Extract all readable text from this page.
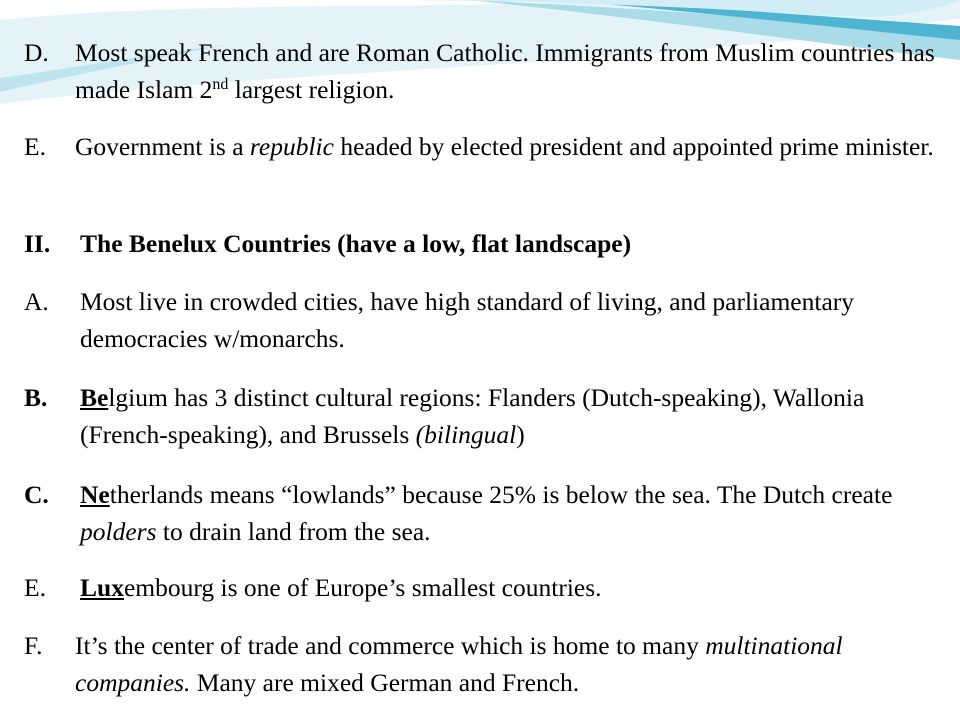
D. Most speak French and are Roman Catholic. Immigrants from Muslim countries has made Islam 2nd largest religion.
E. Government is a republic headed by elected president and appointed prime minister.
II. The Benelux Countries (have a low, flat landscape)
A. Most live in crowded cities, have high standard of living, and parliamentary democracies w/monarchs.
B. Belgium has 3 distinct cultural regions: Flanders (Dutch-speaking), Wallonia (French-speaking), and Brussels (bilingual)
C. Netherlands means “lowlands” because 25% is below the sea. The Dutch create polders to drain land from the sea.
E. Luxembourg is one of Europe’s smallest countries.
F. It’s the center of trade and commerce which is home to many multinational companies. Many are mixed German and French.
